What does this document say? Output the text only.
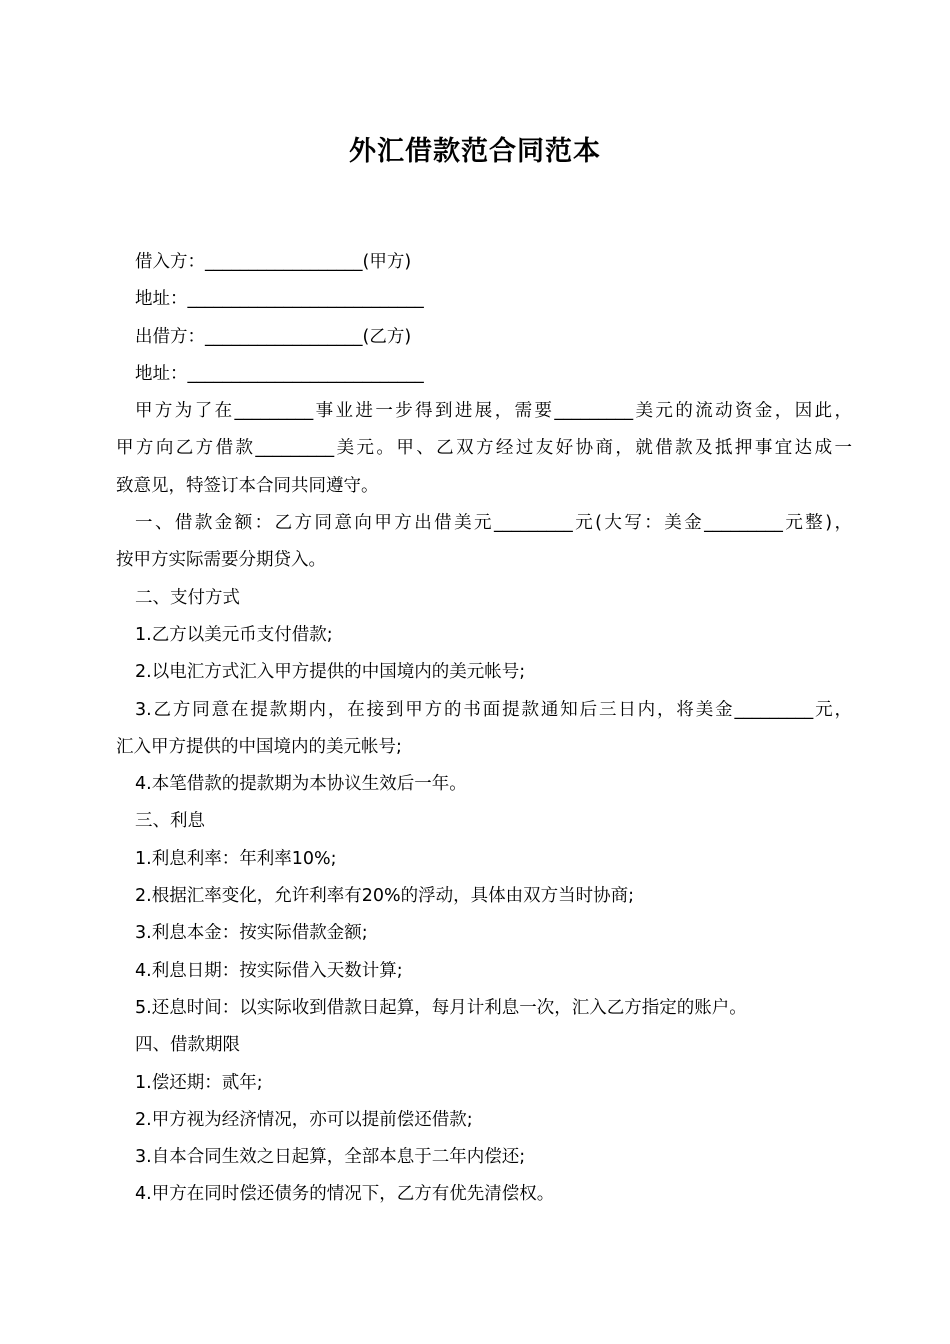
外汇借款范合同范本
借入方：__________________(甲方)
地址：___________________________
出借方：__________________(乙方)
地址：___________________________
甲方为了在_________事业进一步得到进展，需要_________美元的流动资金，因此，
甲方向乙方借款_________美元。甲、乙双方经过友好协商，就借款及抵押事宜达成一
致意见，特签订本合同共同遵守。
一、借款金额：乙方同意向甲方出借美元_________元(大写：美金_________元整)，
按甲方实际需要分期贷入。
二、支付方式
1.乙方以美元币支付借款;
2.以电汇方式汇入甲方提供的中国境内的美元帐号;
3.乙方同意在提款期内，在接到甲方的书面提款通知后三日内，将美金_________元，
汇入甲方提供的中国境内的美元帐号;
4.本笔借款的提款期为本协议生效后一年。
三、利息
1.利息利率：年利率10%;
2.根据汇率变化，允许利率有20%的浮动，具体由双方当时协商;
3.利息本金：按实际借款金额;
4.利息日期：按实际借入天数计算;
5.还息时间：以实际收到借款日起算，每月计利息一次，汇入乙方指定的账户。
四、借款期限
1.偿还期：贰年;
2.甲方视为经济情况，亦可以提前偿还借款;
3.自本合同生效之日起算，全部本息于二年内偿还;
4.甲方在同时偿还债务的情况下，乙方有优先清偿权。
